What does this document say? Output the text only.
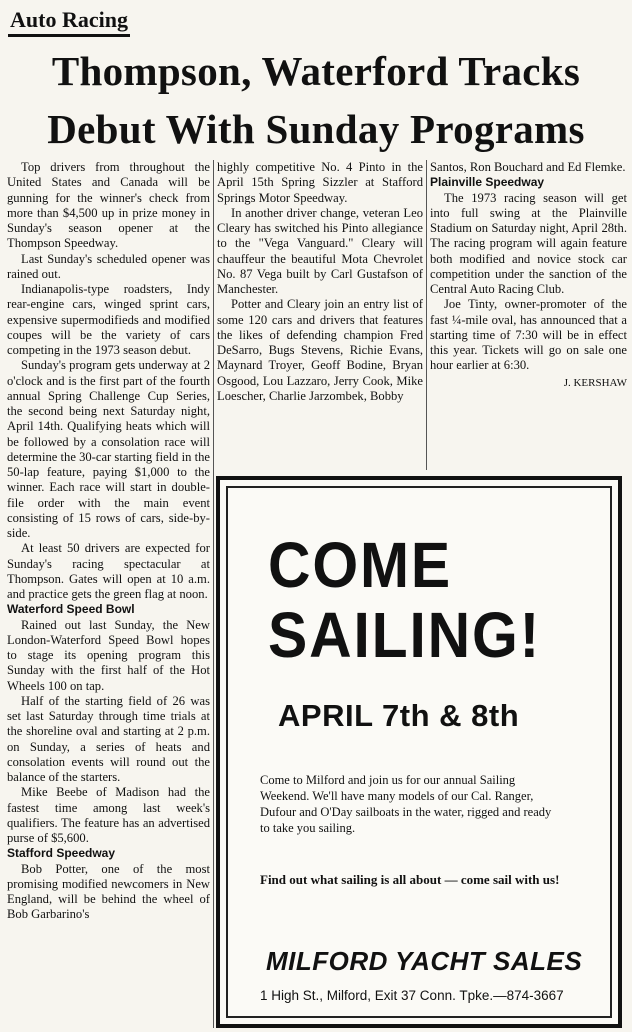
Auto Racing
Thompson, Waterford Tracks
Debut With Sunday Programs

Top drivers from throughout the United States and Canada will be gunning for the winner's check from more than $4,500 up in prize money in Sunday's season opener at the Thompson Speedway.

Last Sunday's scheduled opener was rained out.

Indianapolis-type roadsters, Indy rear-engine cars, winged sprint cars, expensive supermodifieds and modified coupes will be the variety of cars competing in the 1973 season debut.

Sunday's program gets underway at 2 o'clock and is the first part of the fourth annual Spring Challenge Cup Series, the second being next Saturday night, April 14th. Qualifying heats which will be followed by a consolation race will determine the 30-car starting field in the 50-lap feature, paying $1,000 to the winner. Each race will start in double-file order with the main event consisting of 15 rows of cars, side-by-side.

At least 50 drivers are expected for Sunday's racing spectacular at Thompson. Gates will open at 10 a.m. and practice gets the green flag at noon.

Waterford Speed Bowl

Rained out last Sunday, the New London-Waterford Speed Bowl hopes to stage its opening program this Sunday with the first half of the Hot Wheels 100 on tap.

Half of the starting field of 26 was set last Saturday through time trials at the shoreline oval and starting at 2 p.m. on Sunday, a series of heats and consolation events will round out the balance of the starters.

Mike Beebe of Madison had the fastest time among last week's qualifiers. The feature has an advertised purse of $5,600.

Stafford Speedway

Bob Potter, one of the most promising modified newcomers in New England, will be behind the wheel of Bob Garbarino's

highly competitive No. 4 Pinto in the April 15th Spring Sizzler at Stafford Springs Motor Speedway.

In another driver change, veteran Leo Cleary has switched his Pinto allegiance to the "Vega Vanguard." Cleary will chauffeur the beautiful Mota Chevrolet No. 87 Vega built by Carl Gustafson of Manchester.

Potter and Cleary join an entry list of some 120 cars and drivers that features the likes of defending champion Fred DeSarro, Bugs Stevens, Richie Evans, Maynard Troyer, Geoff Bodine, Bryan Osgood, Lou Lazzaro, Jerry Cook, Mike Loescher, Charlie Jarzombek, Bobby

Santos, Ron Bouchard and Ed Flemke.

Plainville Speedway

The 1973 racing season will get into full swing at the Plainville Stadium on Saturday night, April 28th. The racing program will again feature both modified and novice stock car competition under the sanction of the Central Auto Racing Club.

Joe Tinty, owner-promoter of the fast ¼-mile oval, has announced that a starting time of 7:30 will be in effect this year. Tickets will go on sale one hour earlier at 6:30.

J. KERSHAW

COME
SAILING!
APRIL 7th & 8th
Come to Milford and join us for our annual Sailing Weekend. We'll have many models of our Cal. Ranger, Dufour and O'Day sailboats in the water, rigged and ready to take you sailing.
Find out what sailing is all about — come sail with us!
MILFORD YACHT SALES
1 High St., Milford, Exit 37 Conn. Tpke.—874-3667
